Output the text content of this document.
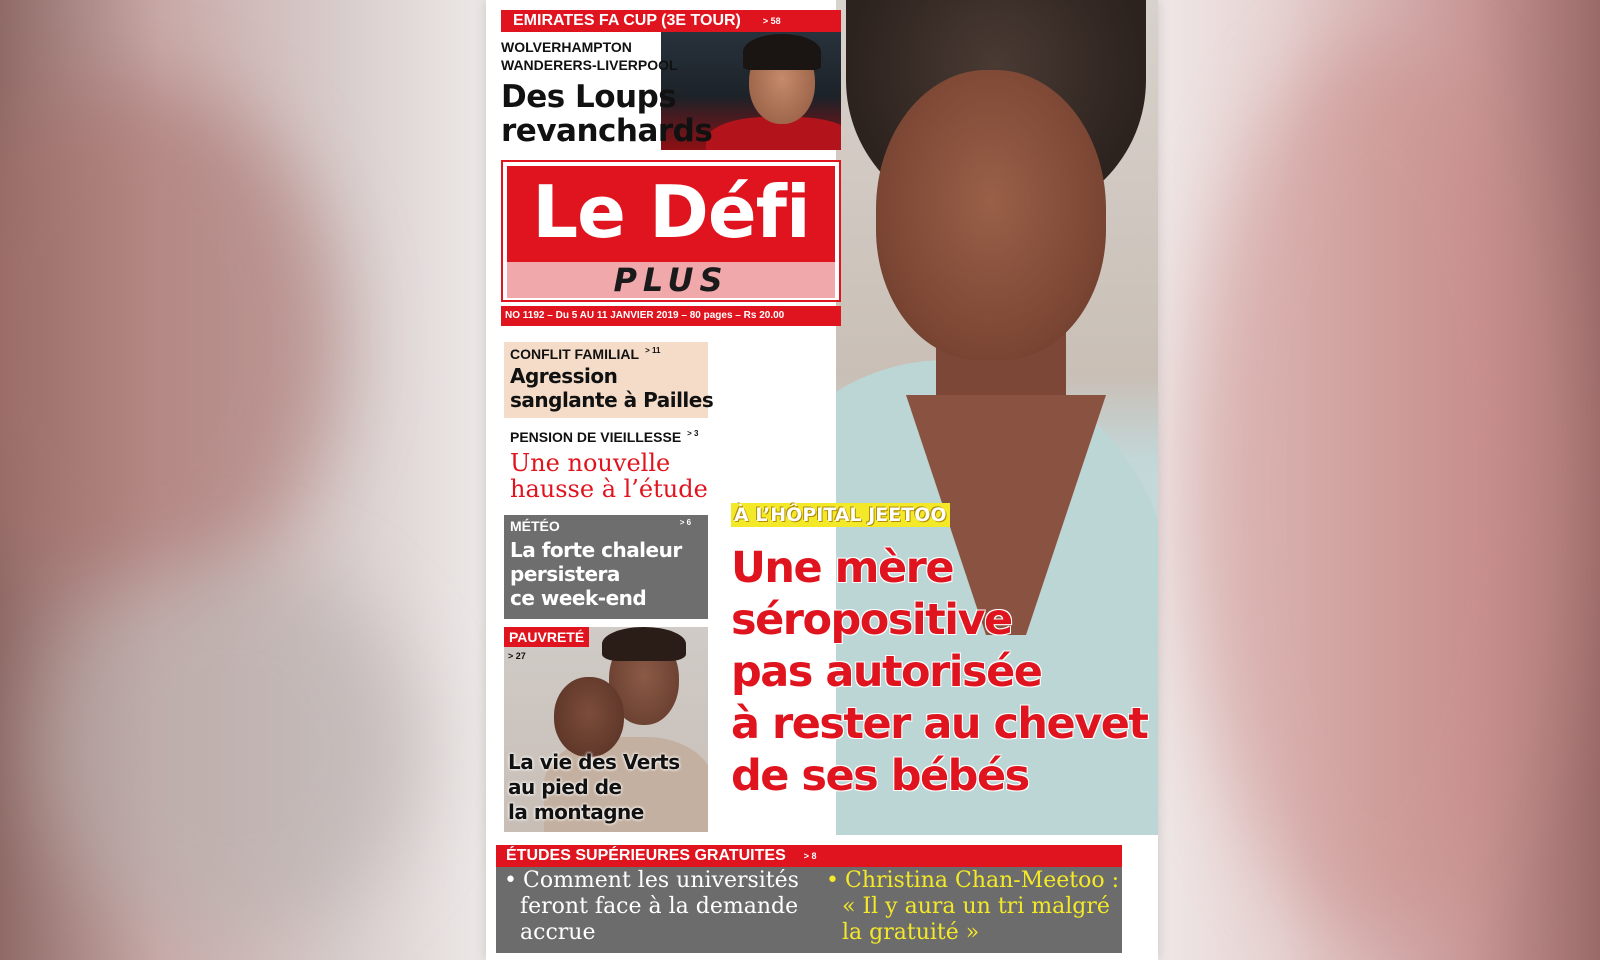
EMIRATES FA CUP (3E TOUR) $^{> 58}$
WOLVERHAMPTON
WANDERERS-LIVERPOOL
Des Loups
revanchards
Le Défi
PLUS
NO 1192 – Du 5 AU 11 JANVIER 2019 – 80 pages – Rs 20.00
CONFLIT FAMILIAL $^{> 11}$
Agression
sanglante à Pailles
PENSION DE VIEILLESSE $^{> 3}$
Une nouvelle
hausse à l’étude
MÉTÉO	$^{> 6}$
La forte chaleur
persistera
ce week-end
PAUVRETÉ
> 27
La vie des Verts
au pied de
la montagne
À L’HÔPITAL JEETOO
Une mère
séropositive
pas autorisée
à rester au chevet
de ses bébés
> 16
ÉTUDES SUPÉRIEURES GRATUITES $^{> 8}$
• Comment les universités
feront face à la demande
accrue
• Christina Chan-Meetoo :
« Il y aura un tri malgré
la gratuité »
